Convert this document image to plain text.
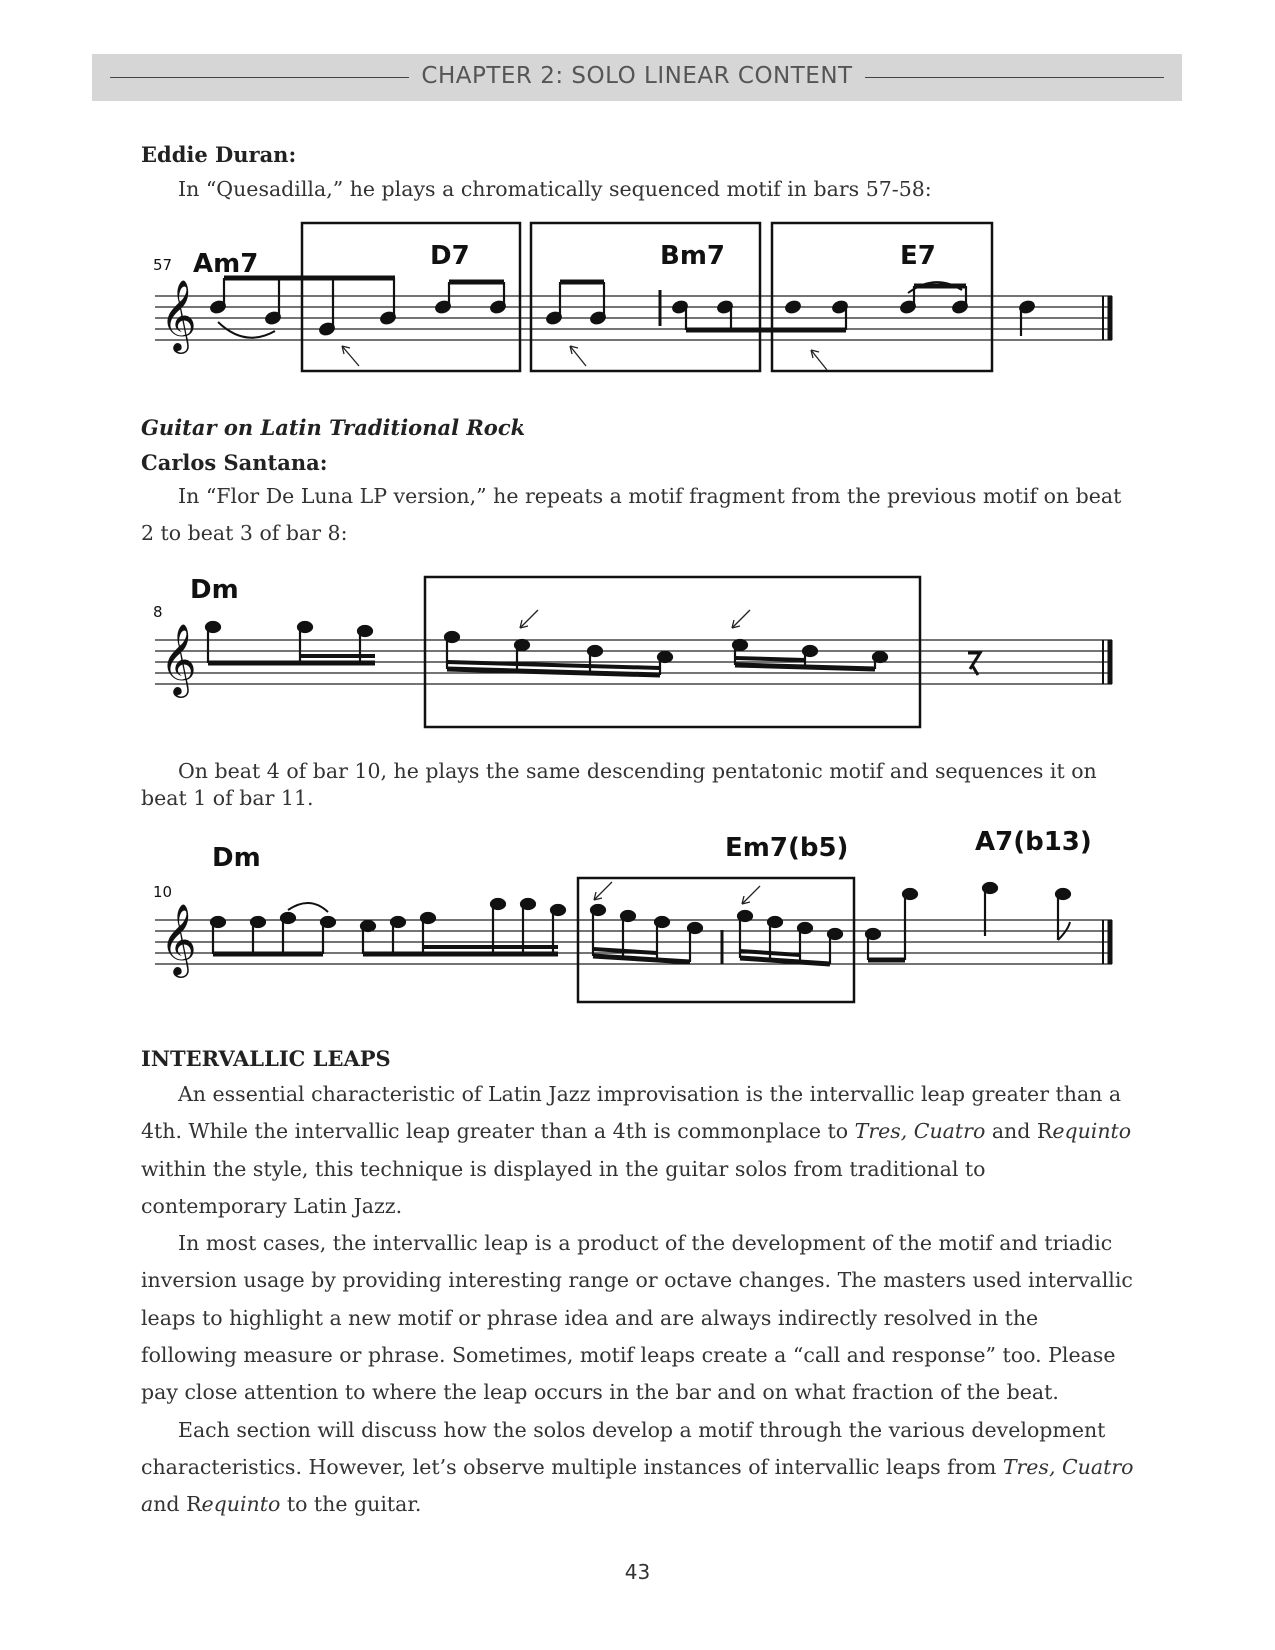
CHAPTER 2: SOLO LINEAR CONTENT
Eddie Duran:

In “Quesadilla,” he plays a chromatically sequenced motif in bars 57-58:

𝄞
57 Am7	D7	Bm7	E7
Guitar on Latin Traditional Rock
Carlos Santana:

In “Flor De Luna LP version,” he repeats a motif fragment from the previous motif on beat 2 to beat 3 of bar 8:

𝄞
8
Dm

On beat 4 of bar 10, he plays the same descending pentatonic motif and sequences it on beat 1 of bar 11.

𝄞
10
Dm	Em7(b5)	A7(b13)
INTERVALLIC LEAPS

An essential characteristic of Latin Jazz improvisation is the intervallic leap greater than a 4th. While the intervallic leap greater than a 4th is commonplace to Tres, Cuatro and Requinto within the style, this technique is displayed in the guitar solos from traditional to contemporary Latin Jazz.

In most cases, the intervallic leap is a product of the development of the motif and triadic inversion usage by providing interesting range or octave changes. The masters used intervallic leaps to highlight a new motif or phrase idea and are always indirectly resolved in the following measure or phrase. Sometimes, motif leaps create a “call and response” too. Please pay close attention to where the leap occurs in the bar and on what fraction of the beat.

Each section will discuss how the solos develop a motif through the various development characteristics. However, let’s observe multiple instances of intervallic leaps from Tres, Cuatro and Requinto to the guitar.

43
